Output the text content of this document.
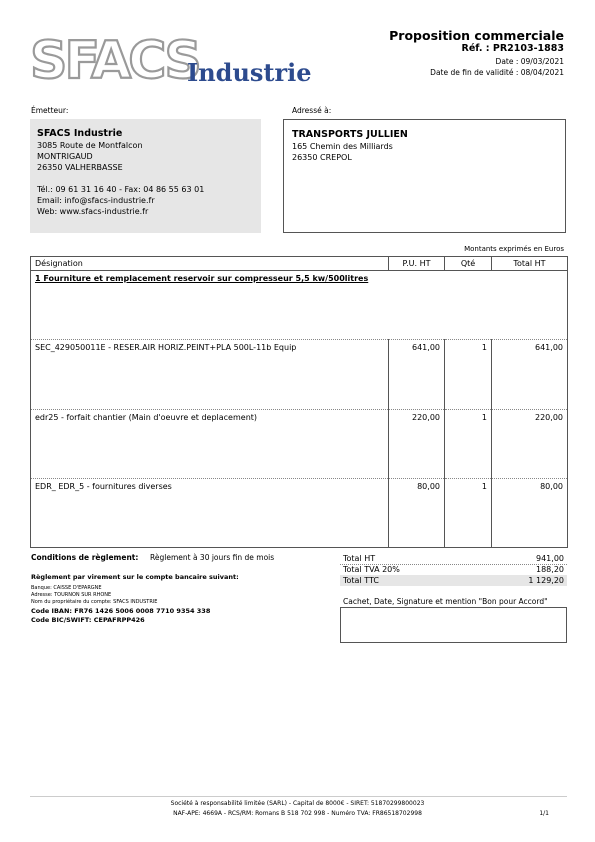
SFACS
Industrie
Proposition commerciale
Réf. : PR2103-1883
Date : 09/03/2021
Date de fin de validité : 08/04/2021
Émetteur:
SFACS Industrie
3085 Route de Montfalcon
MONTRIGAUD
26350 VALHERBASSE
Tél.: 09 61 31 16 40 - Fax: 04 86 55 63 01
Email: info@sfacs-industrie.fr
Web: www.sfacs-industrie.fr
Adressé à:
TRANSPORTS JULLIEN
165 Chemin des Milliards
26350 CREPOL
Montants exprimés en Euros
Désignation	P.U. HT	Qté	Total HT
1 Fourniture et remplacement reservoir sur compresseur 5,5 kw/500litres			
SEC_429050011E - RESER.AIR HORIZ.PEINT+PLA 500L-11b Equip	641,00	1	641,00
edr25 - forfait chantier (Main d'oeuvre et deplacement)	220,00	1	220,00
EDR_ EDR_5 - fournitures diverses	80,00	1	80,00
Conditions de règlement: Règlement à 30 jours fin de mois
Règlement par virement sur le compte bancaire suivant:
Banque: CAISSE D'EPARGNE
Adresse: TOURNON SUR RHONE
Nom du propriétaire du compte: SFACS INDUSTRIE
Code IBAN: FR76 1426 5006 0008 7710 9354 338
Code BIC/SWIFT: CEPAFRPP426
Total HT	941,00
Total TVA 20%	188,20
Total TTC	1 129,20
Cachet, Date, Signature et mention "Bon pour Accord"
Société à responsabilité limitée (SARL) - Capital de 8000€ - SIRET: 51870299800023
NAF-APE: 4669A - RCS/RM: Romans B 518 702 998 - Numéro TVA: FR86518702998	1/1
